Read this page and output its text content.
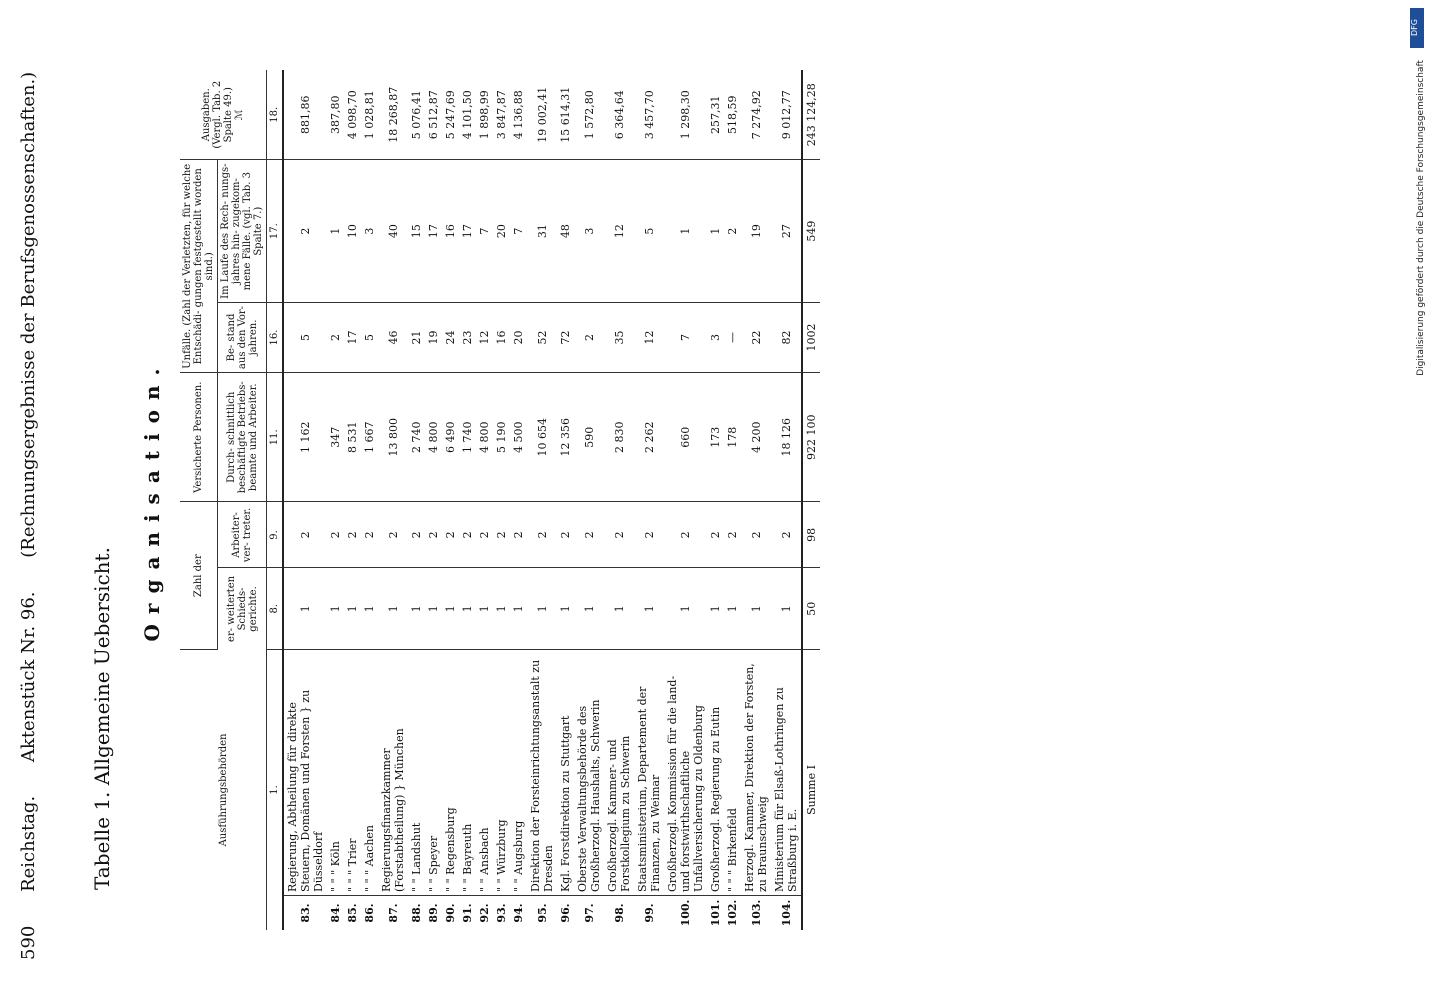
590 Reichstag. Aktenstück Nr. 96. (Rechnungsergebnisse der Berufsgenossenschaften.)
Tabelle 1. Allgemeine Uebersicht.
Organisation.
Ausführungsbehörden		Zahl der		Versicherte Personen.	Unfälle. (Zahl der Verletzten, für welche Entschädi- gungen festgestellt worden sind.)		Ausgaben. (Vergl. Tab. 2 Spalte 49.)
ℳ
		er- weiterten Schieds- gerichte.	Arbeiter- ver- treter.	Durch- schnittlich beschäftigte Betriebs- beamte und Arbeiter.	Be- stand aus den Vor- jahren.	Im Laufe des Rech- nungs- jahres hin- zugekom- mene Fälle. (vgl. Tab. 3 Spalte 7.)	
1.		8.	9.	11.	16.	17.	18.
83.	Regierung, Abtheilung für direkte Steuern, Domänen und Forsten } zu Düsseldorf	1	2	1 162	5	2	881,86
84.	" " " Köln	1	2	347	2	1	387,80
85.	" " " Trier	1	2	8 531	17	10	4 098,70
86.	" " " Aachen	1	2	1 667	5	3	1 028,81
87.	Regierungsfinanzkammer (Forstabtheilung) } München	1	2	13 800	46	40	18 268,87
88.	" " Landshut	1	2	2 740	21	15	5 076,41
89.	" " Speyer	1	2	4 800	19	17	6 512,87
90.	" " Regensburg	1	2	6 490	24	16	5 247,69
91.	" " Bayreuth	1	2	1 740	23	17	4 101,50
92.	" " Ansbach	1	2	4 800	12	7	1 898,99
93.	" " Würzburg	1	2	5 190	16	20	3 847,87
94.	" " Augsburg	1	2	4 500	20	7	4 136,88
95.	Direktion der Forsteinrichtungsanstalt zu Dresden	1	2	10 654	52	31	19 002,41
96.	Kgl. Forstdirektion zu Stuttgart	1	2	12 356	72	48	15 614,31
97.	Oberste Verwaltungsbehörde des Großherzogl. Haushalts, Schwerin	1	2	590	2	3	1 572,80
98.	Großherzogl. Kammer- und Forstkollegium zu Schwerin	1	2	2 830	35	12	6 364,64
99.	Staatsministerium, Departement der Finanzen, zu Weimar	1	2	2 262	12	5	3 457,70
100.	Großherzogl. Kommission für die land- und forstwirthschaftliche Unfallversicherung zu Oldenburg	1	2	660	7	1	1 298,30
101.	Großherzogl. Regierung zu Eutin	1	2	173	3	1	257,31
102.	" " " Birkenfeld	1	2	178	—	2	518,59
103.	Herzogl. Kammer, Direktion der Forsten, zu Braunschweig	1	2	4 200	22	19	7 274,92
104.	Ministerium für Elsaß-Lothringen zu Straßburg i. E.	1	2	18 126	82	27	9 012,77
Summe I		50	98	922 100	1002	549	243 124,28
DFG
Digitalisierung gefördert durch die Deutsche Forschungsgemeinschaft
